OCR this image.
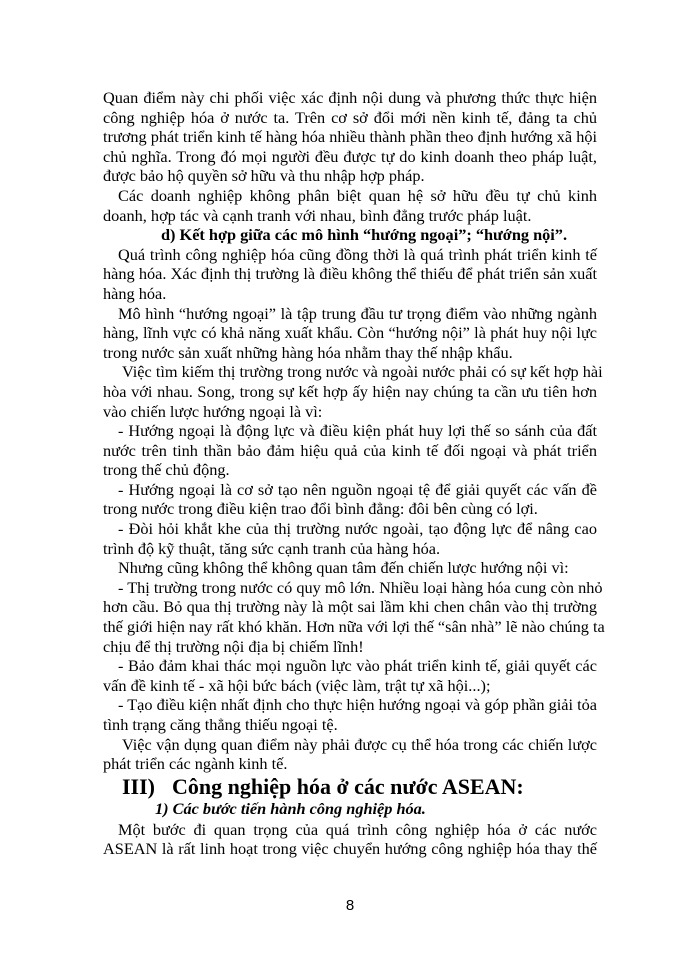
Quan điểm này chi phối việc xác định nội dung và phương thức thực hiện
công nghiệp hóa ở nước ta. Trên cơ sở đổi mới nền kinh tế, đảng ta chủ
trương phát triển kinh tế hàng hóa nhiều thành phần theo định hướng xã hội
chủ nghĩa. Trong đó mọi người đều được tự do kinh doanh theo pháp luật,
được bảo hộ quyền sở hữu và thu nhập hợp pháp.
Các doanh nghiệp không phân biệt quan hệ sở hữu đều tự chủ kinh
doanh, hợp tác và cạnh tranh với nhau, bình đẳng trước pháp luật.
d) Kết hợp giữa các mô hình “hướng ngoại”; “hướng nội”.
Quá trình công nghiệp hóa cũng đồng thời là quá trình phát triển kinh tế
hàng hóa. Xác định thị trường là điều không thể thiếu để phát triển sản xuất
hàng hóa.
Mô hình “hướng ngoại” là tập trung đầu tư trọng điểm vào những ngành
hàng, lĩnh vực có khả năng xuất khẩu. Còn “hướng nội” là phát huy nội lực
trong nước sản xuất những hàng hóa nhằm thay thế nhập khẩu.
Việc tìm kiếm thị trường trong nước và ngoài nước phải có sự kết hợp hài
hòa với nhau. Song, trong sự kết hợp ấy hiện nay chúng ta cần ưu tiên hơn
vào chiến lược hướng ngoại là vì:
- Hướng ngoại là động lực và điều kiện phát huy lợi thế so sánh của đất
nước trên tinh thần bảo đảm hiệu quả của kinh tế đối ngoại và phát triển
trong thế chủ động.
- Hướng ngoại là cơ sở tạo nên nguồn ngoại tệ để giải quyết các vấn đề
trong nước trong điều kiện trao đổi bình đẳng: đôi bên cùng có lợi.
- Đòi hỏi khắt khe của thị trường nước ngoài, tạo động lực để nâng cao
trình độ kỹ thuật, tăng sức cạnh tranh của hàng hóa.
Nhưng cũng không thể không quan tâm đến chiến lược hướng nội vì:
- Thị trường trong nước có quy mô lớn. Nhiều loại hàng hóa cung còn nhỏ
hơn cầu. Bỏ qua thị trường này là một sai lầm khi chen chân vào thị trường
thế giới hiện nay rất khó khăn. Hơn nữa với lợi thế “sân nhà” lẽ nào chúng ta
chịu để thị trường nội địa bị chiếm lĩnh!
- Bảo đảm khai thác mọi nguồn lực vào phát triển kinh tế, giải quyết các
vấn đề kinh tế - xã hội bức bách (việc làm, trật tự xã hội...);
- Tạo điều kiện nhất định cho thực hiện hướng ngoại và góp phần giải tỏa
tình trạng căng thẳng thiếu ngoại tệ.
Việc vận dụng quan điểm này phải được cụ thể hóa trong các chiến lược
phát triển các ngành kinh tế.
III) Công nghiệp hóa ở các nước ASEAN:
1) Các bước tiến hành công nghiệp hóa.
Một bước đi quan trọng của quá trình công nghiệp hóa ở các nước
ASEAN là rất linh hoạt trong việc chuyển hướng công nghiệp hóa thay thế
8
